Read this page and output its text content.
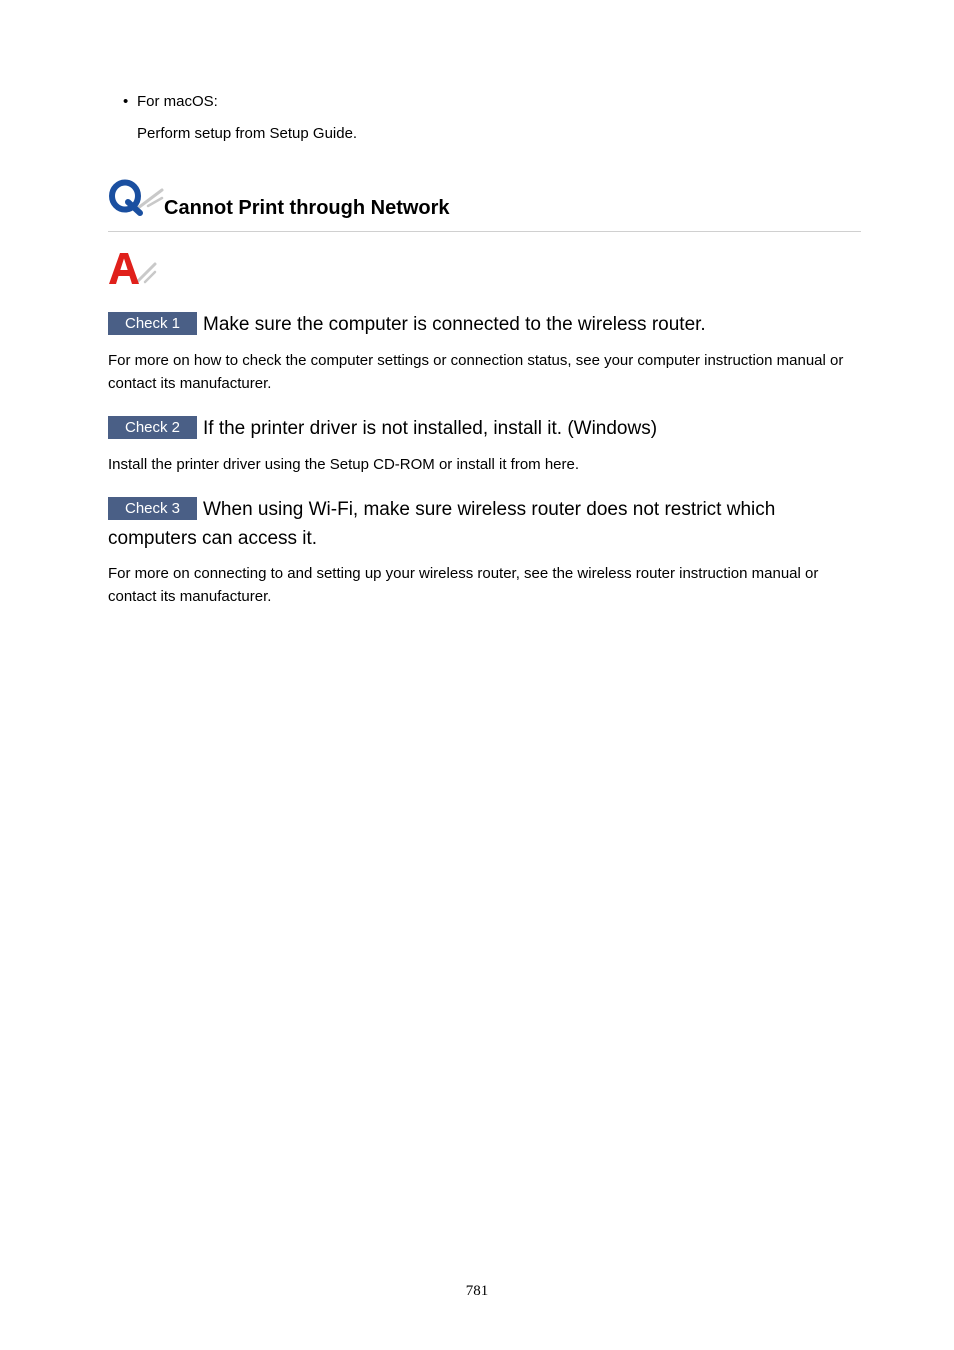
• For macOS:
Perform setup from Setup Guide.
Cannot Print through Network
Check 1 Make sure the computer is connected to the wireless router.
For more on how to check the computer settings or connection status, see your computer instruction manual or contact its manufacturer.
Check 2 If the printer driver is not installed, install it. (Windows)
Install the printer driver using the Setup CD-ROM or install it from here.
Check 3 When using Wi-Fi, make sure wireless router does not restrict which computers can access it.
For more on connecting to and setting up your wireless router, see the wireless router instruction manual or contact its manufacturer.
781
